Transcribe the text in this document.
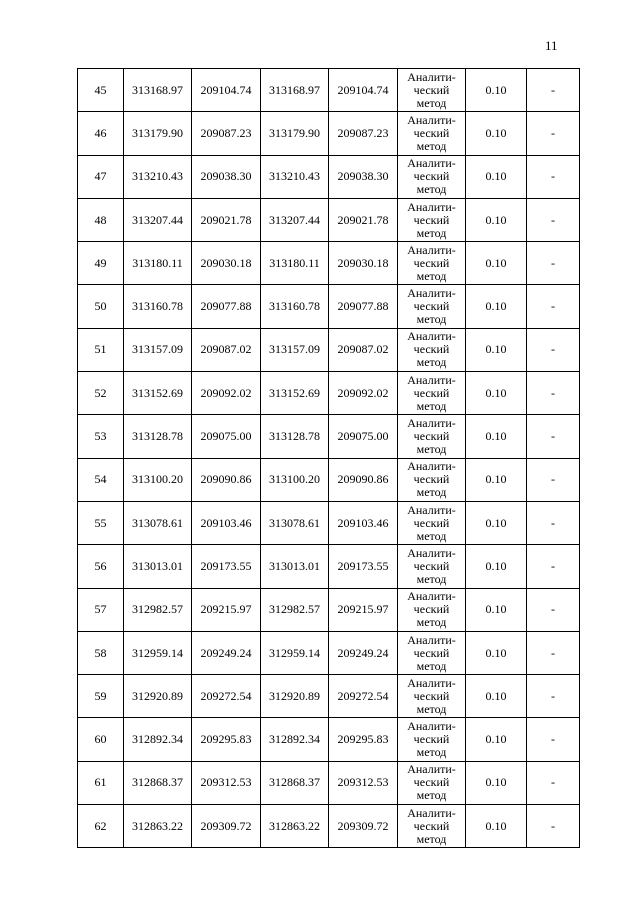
11
45	313168.97	209104.74	313168.97	209104.74	Аналити-
ческий
метод	0.10	-
46	313179.90	209087.23	313179.90	209087.23	Аналити-
ческий
метод	0.10	-
47	313210.43	209038.30	313210.43	209038.30	Аналити-
ческий
метод	0.10	-
48	313207.44	209021.78	313207.44	209021.78	Аналити-
ческий
метод	0.10	-
49	313180.11	209030.18	313180.11	209030.18	Аналити-
ческий
метод	0.10	-
50	313160.78	209077.88	313160.78	209077.88	Аналити-
ческий
метод	0.10	-
51	313157.09	209087.02	313157.09	209087.02	Аналити-
ческий
метод	0.10	-
52	313152.69	209092.02	313152.69	209092.02	Аналити-
ческий
метод	0.10	-
53	313128.78	209075.00	313128.78	209075.00	Аналити-
ческий
метод	0.10	-
54	313100.20	209090.86	313100.20	209090.86	Аналити-
ческий
метод	0.10	-
55	313078.61	209103.46	313078.61	209103.46	Аналити-
ческий
метод	0.10	-
56	313013.01	209173.55	313013.01	209173.55	Аналити-
ческий
метод	0.10	-
57	312982.57	209215.97	312982.57	209215.97	Аналити-
ческий
метод	0.10	-
58	312959.14	209249.24	312959.14	209249.24	Аналити-
ческий
метод	0.10	-
59	312920.89	209272.54	312920.89	209272.54	Аналити-
ческий
метод	0.10	-
60	312892.34	209295.83	312892.34	209295.83	Аналити-
ческий
метод	0.10	-
61	312868.37	209312.53	312868.37	209312.53	Аналити-
ческий
метод	0.10	-
62	312863.22	209309.72	312863.22	209309.72	Аналити-
ческий
метод	0.10	-
